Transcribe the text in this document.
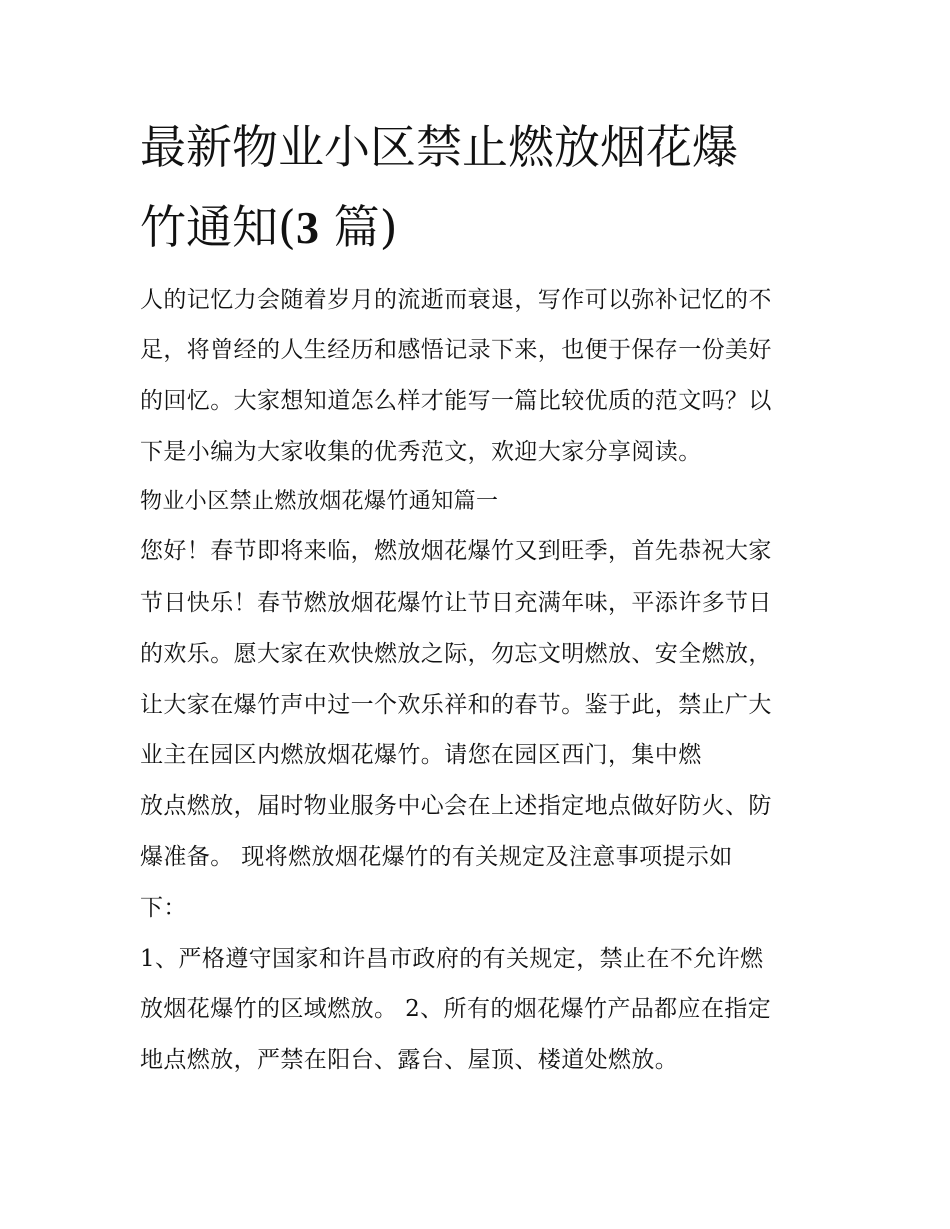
最新物业小区禁止燃放烟花爆
竹通知(3 篇)
人的记忆力会随着岁月的流逝而衰退，写作可以弥补记忆的不
足，将曾经的人生经历和感悟记录下来，也便于保存一份美好
的回忆。大家想知道怎么样才能写一篇比较优质的范文吗？以
下是小编为大家收集的优秀范文，欢迎大家分享阅读。
物业小区禁止燃放烟花爆竹通知篇一
您好！春节即将来临，燃放烟花爆竹又到旺季，首先恭祝大家
节日快乐！春节燃放烟花爆竹让节日充满年味，平添许多节日
的欢乐。愿大家在欢快燃放之际，勿忘文明燃放、安全燃放，
让大家在爆竹声中过一个欢乐祥和的春节。鉴于此，禁止广大
业主在园区内燃放烟花爆竹。请您在园区西门，集中燃
放点燃放，届时物业服务中心会在上述指定地点做好防火、防
爆准备。 现将燃放烟花爆竹的有关规定及注意事项提示如
下：
1、严格遵守国家和许昌市政府的有关规定，禁止在不允许燃
放烟花爆竹的区域燃放。 2、所有的烟花爆竹产品都应在指定
地点燃放，严禁在阳台、露台、屋顶、楼道处燃放。
